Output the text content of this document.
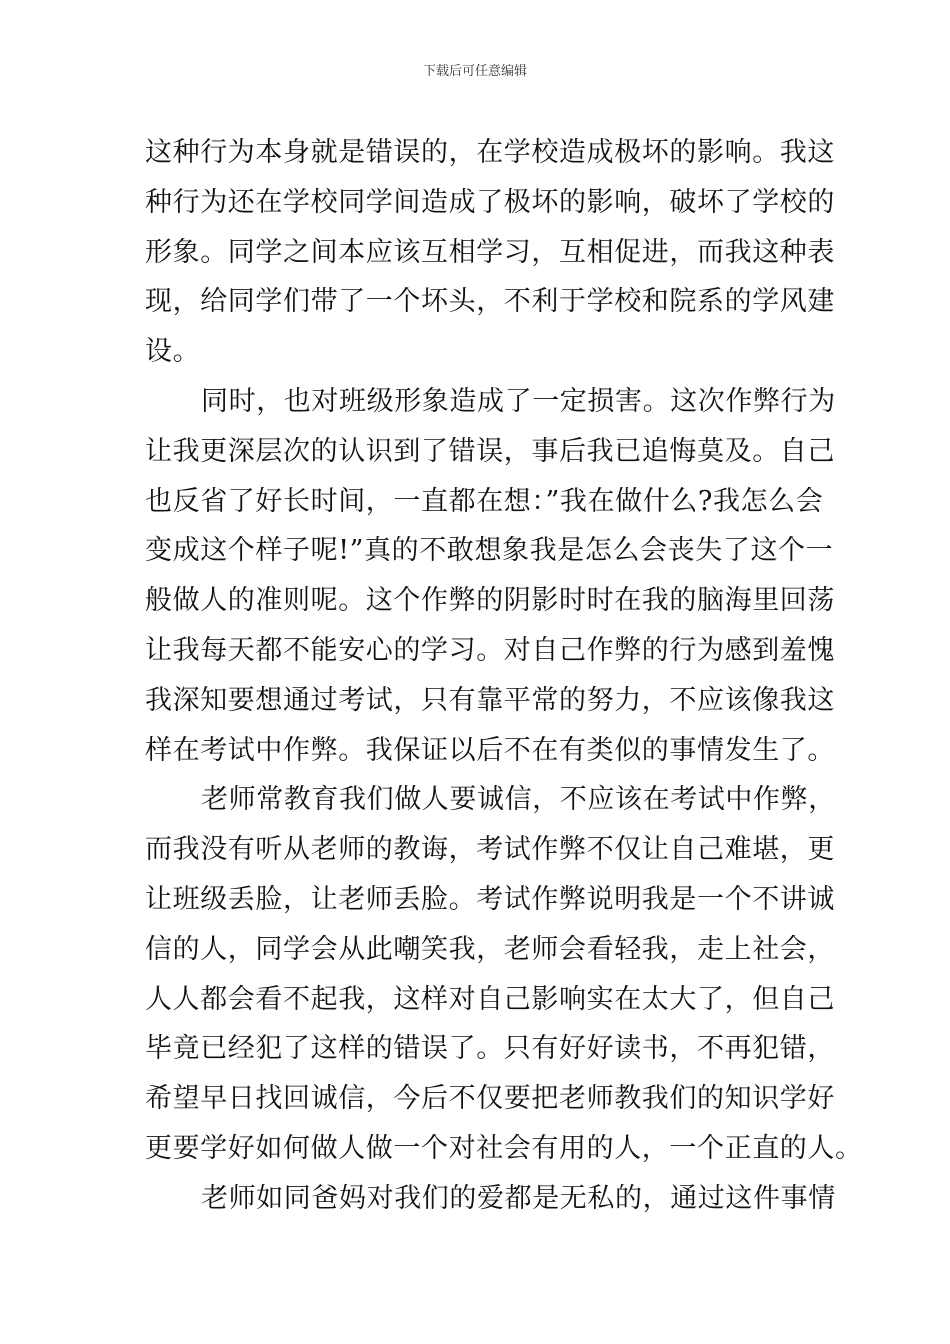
下载后可任意编辑
这种行为本身就是错误的，在学校造成极坏的影响。我这
种行为还在学校同学间造成了极坏的影响，破坏了学校的
形象。同学之间本应该互相学习，互相促进，而我这种表
现，给同学们带了一个坏头，不利于学校和院系的学风建
设。
同时，也对班级形象造成了一定损害。这次作弊行为
让我更深层次的认识到了错误，事后我已追悔莫及。自己
也反省了好长时间，一直都在想：”我在做什么?我怎么会
变成这个样子呢!”真的不敢想象我是怎么会丧失了这个一
般做人的准则呢。这个作弊的阴影时时在我的脑海里回荡
让我每天都不能安心的学习。对自己作弊的行为感到羞愧
我深知要想通过考试，只有靠平常的努力，不应该像我这
样在考试中作弊。我保证以后不在有类似的事情发生了。
老师常教育我们做人要诚信，不应该在考试中作弊，
而我没有听从老师的教诲，考试作弊不仅让自己难堪，更
让班级丢脸，让老师丢脸。考试作弊说明我是一个不讲诚
信的人，同学会从此嘲笑我，老师会看轻我，走上社会，
人人都会看不起我，这样对自己影响实在太大了，但自己
毕竟已经犯了这样的错误了。只有好好读书，不再犯错，
希望早日找回诚信，今后不仅要把老师教我们的知识学好
更要学好如何做人做一个对社会有用的人，一个正直的人。
老师如同爸妈对我们的爱都是无私的，通过这件事情
